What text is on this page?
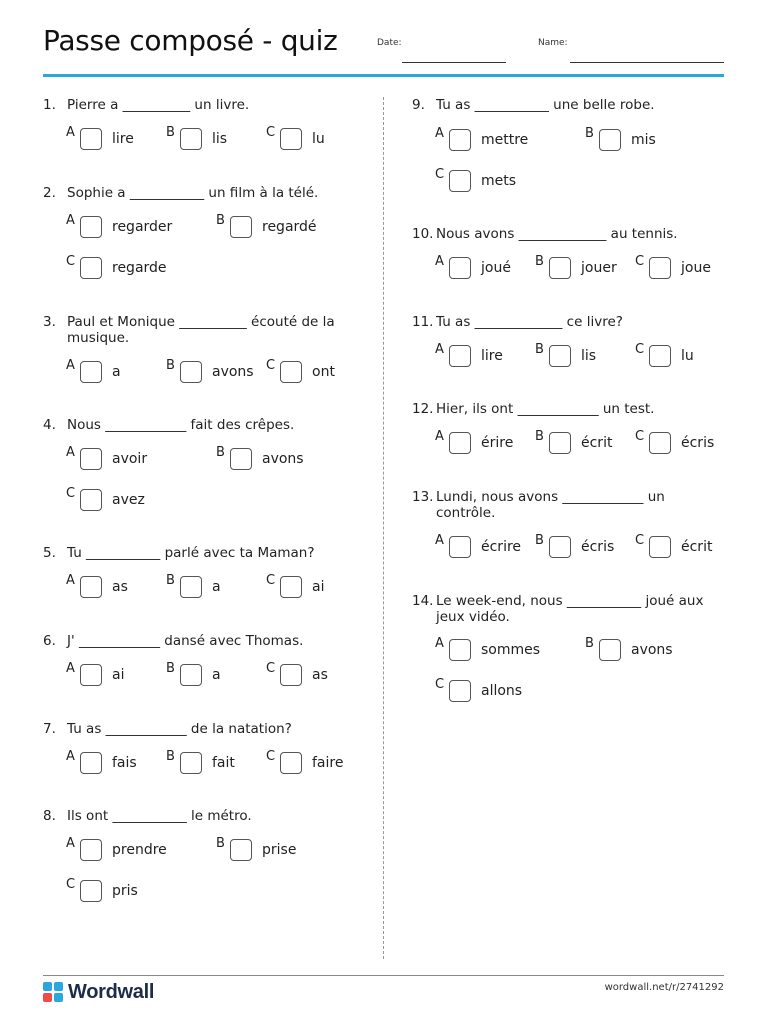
Passe composé - quiz	Date:	Name:
1. Pierre a __________ un livre.
A	lire B	lis	C	lu
2. Sophie a ___________ un film à la télé.
A	regarder	B	regardé
C	regarde
3. Paul et Monique __________ écouté de la musique.
A	a	B	avons C	ont
4. Nous ____________ fait des crêpes.
A	avoir	B	avons
C	avez
5. Tu ___________ parlé avec ta Maman?
A	as	B	a	C	ai
6. J' ____________ dansé avec Thomas.
A	ai	B	a	C	as
7. Tu as ____________ de la natation?
A	fais B	fait C	faire
8. Ils ont ___________ le métro.
A	prendre	B	prise
C	pris
9. Tu as ___________ une belle robe.
A	mettre	B	mis
C	mets
10. Nous avons _____________ au tennis.
A	joué B	jouer C	joue
11. Tu as _____________ ce livre?
A	lire B	lis	C	lu
12. Hier, ils ont ____________ un test.
A	érire B	écrit C	écris
13. Lundi, nous avons ____________ un contrôle.
A	écrire B	écris C	écrit
14. Le week-end, nous ___________ joué aux jeux vidéo.
A	sommes	B	avons
C	allons
Wordwall	wordwall.net/r/2741292
